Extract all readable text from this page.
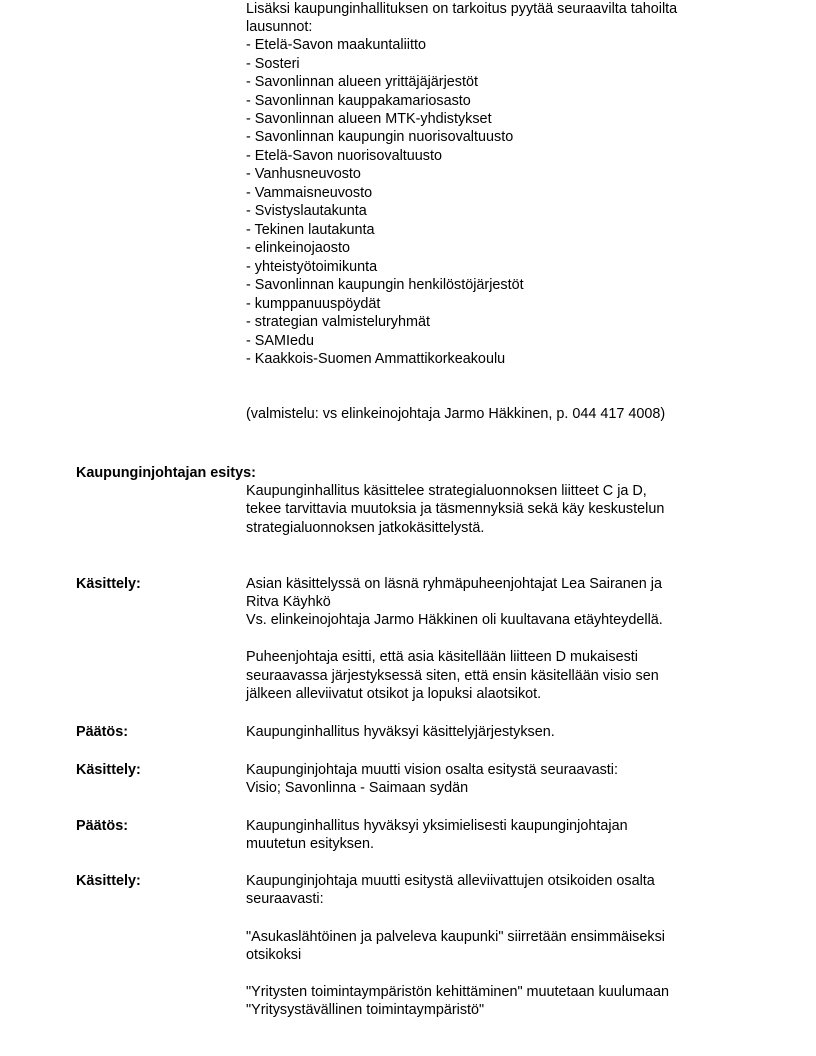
Lisäksi kaupunginhallituksen on tarkoitus pyytää seuraavilta tahoilta
lausunnot:
- Etelä-Savon maakuntaliitto
- Sosteri
- Savonlinnan alueen yrittäjäjärjestöt
- Savonlinnan kauppakamariosasto
- Savonlinnan alueen MTK-yhdistykset
- Savonlinnan kaupungin nuorisovaltuusto
- Etelä-Savon nuorisovaltuusto
- Vanhusneuvosto
- Vammaisneuvosto
- Svistyslautakunta
- Tekinen lautakunta
- elinkeinojaosto
- yhteistyötoimikunta
- Savonlinnan kaupungin henkilöstöjärjestöt
- kumppanuuspöydät
- strategian valmisteluryhmät
- SAMIedu
- Kaakkois-Suomen Ammattikorkeakoulu
(valmistelu: vs elinkeinojohtaja Jarmo Häkkinen, p. 044 417 4008)
Kaupunginjohtajan esitys:
Kaupunginhallitus käsittelee strategialuonnoksen liitteet C ja D,
tekee tarvittavia muutoksia ja täsmennyksiä sekä käy keskustelun
strategialuonnoksen jatkokäsittelystä.
Käsittely:	Asian käsittelyssä on läsnä ryhmäpuheenjohtajat Lea Sairanen ja
Ritva Käyhkö
Vs. elinkeinojohtaja Jarmo Häkkinen oli kuultavana etäyhteydellä.
Puheenjohtaja esitti, että asia käsitellään liitteen D mukaisesti
seuraavassa järjestyksessä siten, että ensin käsitellään visio sen
jälkeen alleviivatut otsikot ja lopuksi alaotsikot.
Päätös:	Kaupunginhallitus hyväksyi käsittelyjärjestyksen.
Käsittely:	Kaupunginjohtaja muutti vision osalta esitystä seuraavasti:
Visio; Savonlinna - Saimaan sydän
Päätös:	Kaupunginhallitus hyväksyi yksimielisesti kaupunginjohtajan
muutetun esityksen.
Käsittely:	Kaupunginjohtaja muutti esitystä alleviivattujen otsikoiden osalta
seuraavasti:
"Asukaslähtöinen ja palveleva kaupunki" siirretään ensimmäiseksi
otsikoksi
"Yritysten toimintaympäristön kehittäminen" muutetaan kuulumaan
"Yritysystävällinen toimintaympäristö"
